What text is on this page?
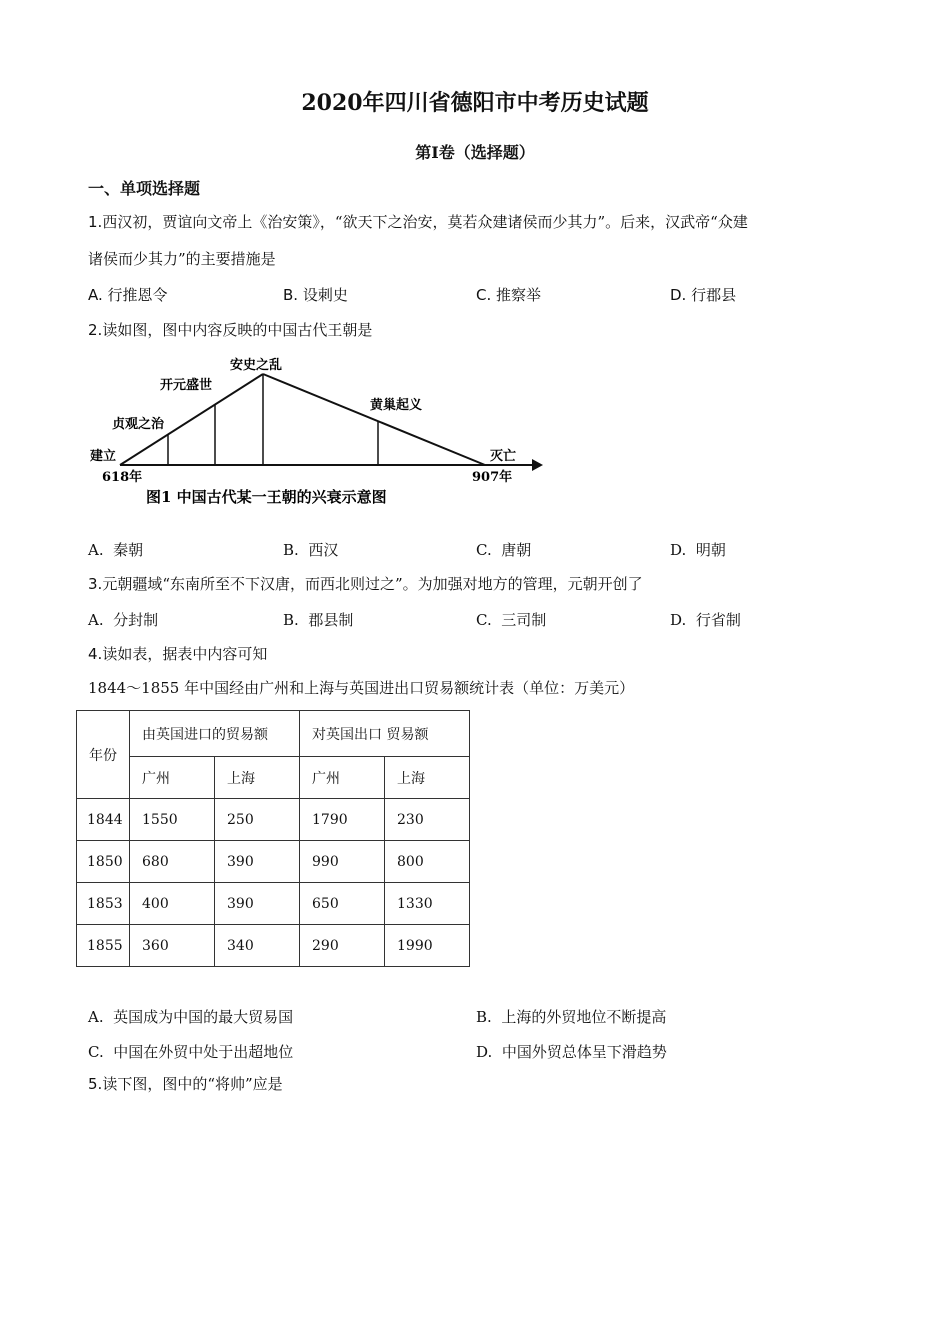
2020年四川省德阳市中考历史试题
第Ⅰ卷（选择题）
一、单项选择题
1.西汉初，贾谊向文帝上《治安策》，“欲天下之治安，莫若众建诸侯而少其力”。后来，汉武帝“众建
诸侯而少其力”的主要措施是
A. 行推恩令	B. 设刺史	C. 推察举	D. 行郡县
2.读如图，图中内容反映的中国古代王朝是
贞观之治
开元盛世
安史之乱
黄巢起义
建立	灭亡
618年	907年
图1 中国古代某一王朝的兴衰示意图
A. 秦朝	B. 西汉	C. 唐朝	D. 明朝
3.元朝疆域“东南所至不下汉唐，而西北则过之”。为加强对地方的管理，元朝开创了
A. 分封制	B. 郡县制	C. 三司制	D. 行省制
4.读如表，据表中内容可知
1844～1855 年中国经由广州和上海与英国进出口贸易额统计表（单位：万美元）
年份	由英国进口的贸易额		对英国出口 贸易额	
	广州	上海	广州	上海
1844	1550	250	1790	230
1850	680	390	990	800
1853	400	390	650	1330
1855	360	340	290	1990
A. 英国成为中国的最大贸易国	B. 上海的外贸地位不断提高
C. 中国在外贸中处于出超地位	D. 中国外贸总体呈下滑趋势
5.读下图，图中的“将帅”应是
